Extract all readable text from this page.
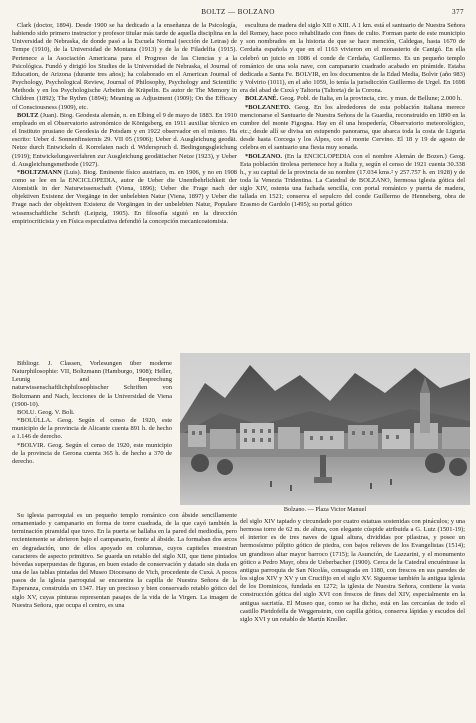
BOLTZ — BOLZANO	377

Clark (doctor, 1894). Desde 1900 se ha dedicado a la enseñanza de la Psicología, habiendo sido primero instructor y profesor titular más tarde de aquella disciplina en la Universidad de Nebraska, de donde pasó a la Escuela Normal (sección de Letras) de Tempe (1910), de la Universidad de Montana (1913) y de la de Filadelfia (1915). Pertenece a la Asociación Americana para el Progreso de las Ciencias y a la Psicológica. Fundó y dirigió los Studies de la Universidad de Nebraska, el Journal of Education, de Arizona (durante tres años); ha colaborado en el American Journal of Psychology, Psychological Review, Journal of Philosophy, Psychology and Scientific Methods y en los Psychologische Arbeiten de Kräpelin. Es autor de The Memory in Children (1892); The Rythm (1894); Meaning as Adjustment (1909); On the Efficacy of Consciousness (1909), etc.

BOLTZ (Juan). Biog. Geodesta alemán, n. en Elbing el 9 de mayo de 1883. En 1910 empleado en el Observatorio astronómico de Königsberg, en 1911 auxiliar técnico en el Instituto prusiano de Geodesia de Potsdam y en 1922 observador en el mismo. Ha escrito: Ueber d. Sonnenfinsternis 29. VII 05 (1906); Ueber d. Ausgleichung geodät. Netze durch Entwickeln d. Korrelaten nach d. Widerspruch d. Bedingungsgleichung (1919); Entwickelungsverfahren zur Ausgleichung geodätischer Netze (1923), y Ueber d. Ausgleichungsmethode (1927).

*BOLTZMANN (Luis). Biog. Eminente físico austriaco, m. en 1906, y no en 1908 como se lee en la ENCICLOPEDIA, autor de Ueber die Unentbehrlichkeit der Atomistik in der Naturwissenschaft (Viena, 1896); Ueber die Frage nach der objektiven Existenz der Vorgänge in der unbelebten Natur (Viena, 1897) y Ueber die Frage nach der objektiven Existenz de Vorgängen in der unbelebten Natur, Populare wissenschaftliche Schrift (Leipzig, 1905). En filosofía siguió en la dirección empiriocriticista y en Física especulativa defendió la concepción mecanicoatomista.

Bibliogr. J. Classen, Vorlesungen über moderne Naturphilosophie: VII, Boltzmann (Hamburgo, 1908); Heller, Leunig and Besprechung naturwissenschaftlichphilosophischer Schriften von Boltzmann and Nach, lecciones de la Universidad de Viena (1900-10).

BOLU. Geog. V. Boli.

*BOLÚLLA. Geog. Según el censo de 1920, este municipio de la provincia de Alicante cuenta 891 h. de hecho a 1.146 de derecho.

*BOLVIR. Geog. Según el censo de 1920, este municipio de la provincia de Gerona cuenta 365 h. de hecho a 370 de derecho.

Bolzano. — Plaza Victor Manuel

Su iglesia parroquial es un pequeño templo románico con ábside sencillamente ornamentado y campanario en forma de torre cuadrada, de la que cayó también la terminación piramidal que tuvo. En la puerta se hallaba en la pared del mediodía, pero recientemente se abrieron bajo el campanario, frente al ábside. La formaban dos arcos en degradación, uno de ellos apoyado en columnas, cuyos capiteles muestran caracteres de aspecto primitivo. Se guarda un retablo del siglo XII, que tiene pintados bóvedas superpuestas de figuras, en buen estado de conservación y datado sin duda en una de las tablas pintadas del Museo Diocesano de Vich, procedente de Cuxá. A pocos pasos de la iglesia parroquial se encuentra la capilla de Nuestra Señora de la Esperanza, construida en 1347. Hay un precioso y bien conservado retablo gótico del siglo XV, cuyas pinturas representan pasajes de la vida de la Virgen. La imagen de Nuestra Señora, que ocupa el centro, es una

escultura de madera del siglo XII o XIII. A 1 km. está el santuario de Nuestra Señora del Remey, hace poco rehabilitado con fines de culto. Forman parte de este municipio y son nombrados en la historia de que se hace mención, Caldegas, hasta 1670 de Cerdaña española y que en el 1163 vivieron en el monasterio de Canigó. En ella celebró un juicio en 1086 el conde de Cerdaña, Guillermo. Es un pequeño templo románico de una sola nave, con campanario cuadrado acabado en pirámide. Estaba dedicada a Santa Fe. BOLVIR, en los documentos de la Edad Media, Bolvir (año 983) y Volvirio (1011), en el año 1059, lo tenía la jurisdicción Guillermo de Urgel. En 1698 era del abad de Cuxá y Taltorta (Taltorta) de la Corona.

BOLZANÉ. Geog. Pobl. de Italia, en la provincia, circ. y mun. de Bellune; 2.000 h.

*BOLZANETO. Geog. En los alrededores de esta población italiana merece mencionarse el Santuario de Nuestra Señora de la Guardia, reconstruido en 1890 en la cumbre del monte Figogna. Hay en él una hospedería, Observatorio meteorológico, etc.; desde allí se divisa un estupendo panorama, que abarca toda la costa de Liguria desde hasta Corcega y los Alpes, con el monte Cervino. El 18 y 19 de agosto de celebra en el santuario una fiesta muy sonada.

*BOLZANO. (En la ENCICLOPEDIA con el nombre Alemán de Bozen.) Geog. Esta población tirolesa pertenece hoy a Italia y, según el censo de 1921 cuenta 30.338 h., y su capital de la provincia de su nombre (17.034 kms.² y 257.757 h. en 1928) y de toda la Venezia Tridentina. La Catedral de BOLZANO, hermosa iglesia gótica del siglo XIV, ostenta una fachada sencilla, con portal románico y puerta de madera, tallada en 1521; conserva el sepulcro del conde Guillermo de Henneberg, obra de Erasmo de Gardolo (1495); su portal gótico

del siglo XIV tapiado y circundado por cuatro estatuas sostenidas con pináculos; y una hermosa torre de 62 m. de altura, con elegante cúspide atribuida a G. Lutz (1501-19); el interior es de tres naves de igual altura, divididas por pilastras, y posee un hermosísimo púlpito gótico de piedra, con bajos relieves de los Evangelistas (1514); un grandioso altar mayor barroco (1715); la Asunción, de Lazzarini, y el monumento gótico a Pedro Mayr, obra de Ueberbacher (1900). Cerca de la Catedral encuéntrase la antigua parroquia de San Nicolás, consagrada en 1180, con frescos en sus paredes de los siglos XIV y XV y un Crucifijo en el siglo XV. Siguense también la antigua iglesia de los Dominicos, fundada en 1272; la iglesia de Nuestra Señora, contiene la vasta construcción gótica del siglo XVI con frescos de fines del XIV, especialmente en la antigua sacristía. El Museo que, como se ha dicho, está en las cercanías de todo el castillo Pietdofella de Weggenstein, con capilla gótica, conserva lápidas y escudos del siglo XVI y un retablo de Martín Knoller.
